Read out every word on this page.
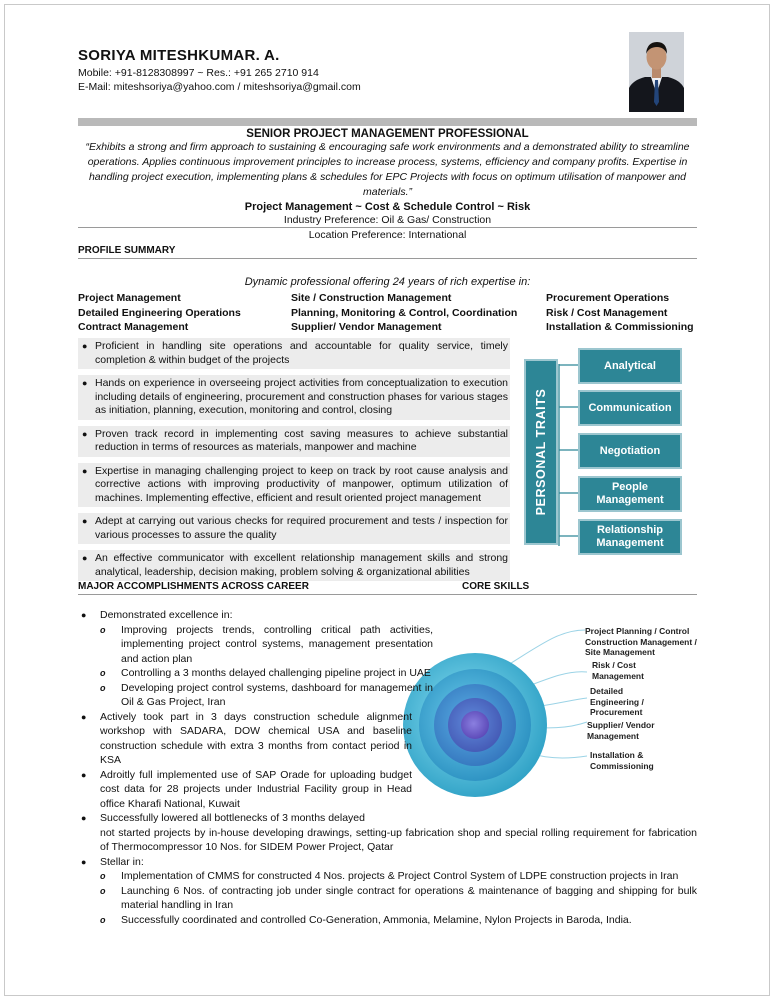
SORIYA MITESHKUMAR. A.
Mobile: +91-8128308997 ~ Res.: +91 265 2710 914
E-Mail: miteshsoriya@yahoo.com / miteshsoriya@gmail.com
SENIOR PROJECT MANAGEMENT PROFESSIONAL
“Exhibits a strong and firm approach to sustaining & encouraging safe work environments and a demonstrated ability to streamline operations. Applies continuous improvement principles to increase process, systems, efficiency and company profits. Expertise in handling project execution, implementing plans & schedules for EPC Projects with focus on optimum utilisation of manpower and materials.”
Project Management ~ Cost & Schedule Control ~ Risk
Industry Preference: Oil & Gas/ Construction
Location Preference: International
PROFILE SUMMARY
Dynamic professional offering 24 years of rich expertise in:
Project Management
Detailed Engineering Operations
Contract Management
Site / Construction Management
Planning, Monitoring & Control, Coordination
Supplier/ Vendor Management
Procurement Operations
Risk / Cost Management
Installation & Commissioning
● Proficient in handling site operations and accountable for quality service, timely completion & within budget of the projects
● Hands on experience in overseeing project activities from conceptualization to execution including details of engineering, procurement and construction phases for various stages as initiation, planning, execution, monitoring and control, closing
● Proven track record in implementing cost saving measures to achieve substantial reduction in terms of resources as materials, manpower and machine
● Expertise in managing challenging project to keep on track by root cause analysis and corrective actions with improving productivity of manpower, optimum utilization of machines. Implementing effective, efficient and result oriented project management
● Adept at carrying out various checks for required procurement and tests / inspection for various processes to assure the quality
● An effective communicator with excellent relationship management skills and strong analytical, leadership, decision making, problem solving & organizational abilities
PERSONAL TRAITS
Analytical
Communication
Negotiation
People Management
Relationship Management
MAJOR ACCOMPLISHMENTS ACROSS CAREER	CORE SKILLS
Project Planning / Control Construction Management / Site Management
Risk / Cost Management
Detailed Engineering / Procurement
Supplier/ Vendor Management
Installation & Commissioning
● Demonstrated excellence in:
o Improving projects trends, controlling critical path activities, implementing project control systems, management presentation and action plan
o Controlling a 3 months delayed challenging pipeline project in UAE
o Developing project control systems, dashboard for management in Oil & Gas Project, Iran
● Actively took part in 3 days construction schedule alignment workshop with SADARA, DOW chemical USA and baseline construction schedule with extra 3 months from contact period in KSA
● Adroitly full implemented use of SAP Orade for uploading budget cost data for 28 projects under Industrial Facility group in Head office Kharafi National, Kuwait
● Successfully lowered all bottlenecks of 3 months delayed
not started projects by in-house developing drawings, setting-up fabrication shop and special rolling requirement for fabrication of Thermocompressor 10 Nos. for SIDEM Power Project, Qatar
● Stellar in:
o Implementation of CMMS for constructed 4 Nos. projects & Project Control System of LDPE construction projects in Iran
o Launching 6 Nos. of contracting job under single contract for operations & maintenance of bagging and shipping for bulk material handling in Iran
o Successfully coordinated and controlled Co-Generation, Ammonia, Melamine, Nylon Projects in Baroda, India.
